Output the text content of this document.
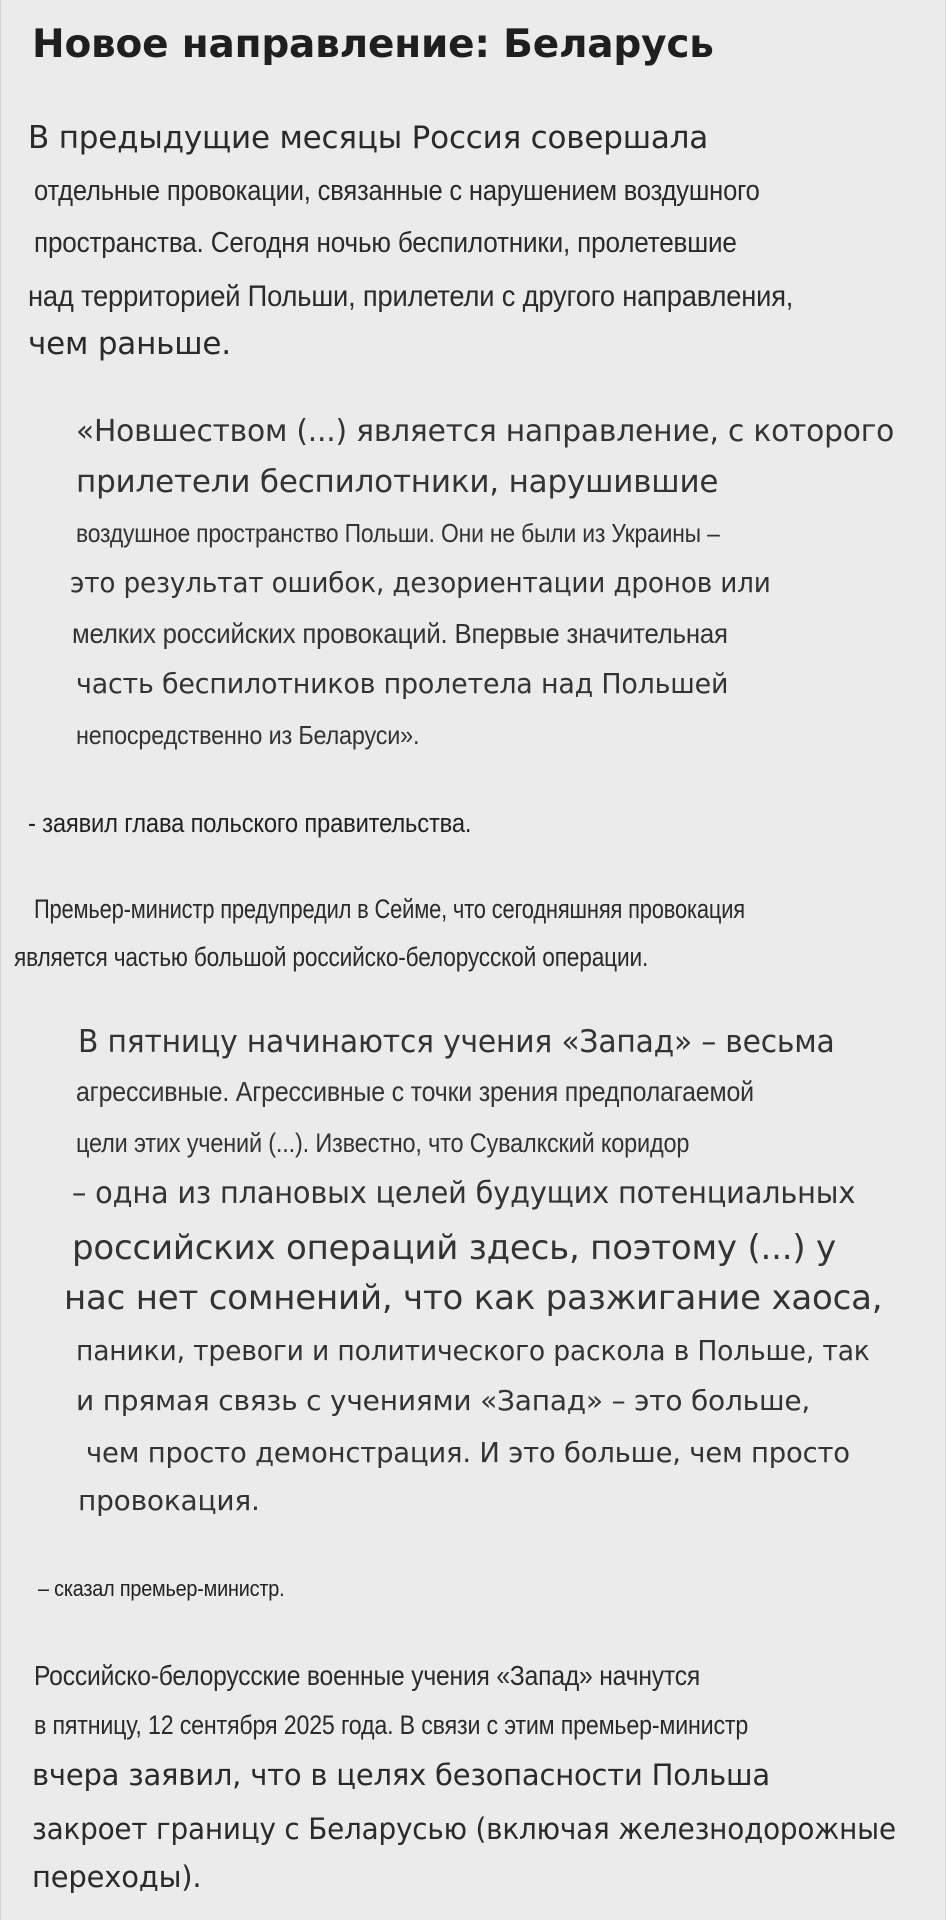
Новое направление: Беларусь
В предыдущие месяцы Россия совершала
отдельные провокации, связанные с нарушением воздушного
пространства. Сегодня ночью беспилотники, пролетевшие
над территорией Польши, прилетели с другого направления,
чем раньше.
«Новшеством (...) является направление, с которого
прилетели беспилотники, нарушившие
воздушное пространство Польши. Они не были из Украины –
это результат ошибок, дезориентации дронов или
мелких российских провокаций. Впервые значительная
часть беспилотников пролетела над Польшей
непосредственно из Беларуси».
- заявил глава польского правительства.
Премьер-министр предупредил в Сейме, что сегодняшняя провокация
является частью большой российско-белорусской операции.
В пятницу начинаются учения «Запад» – весьма
агрессивные. Агрессивные с точки зрения предполагаемой
цели этих учений (...). Известно, что Сувалкский коридор
– одна из плановых целей будущих потенциальных
российских операций здесь, поэтому (...) у
нас нет сомнений, что как разжигание хаоса,
паники, тревоги и политического раскола в Польше, так
и прямая связь с учениями «Запад» – это больше,
чем просто демонстрация. И это больше, чем просто
провокация.
– сказал премьер-министр.
Российско-белорусские военные учения «Запад» начнутся
в пятницу, 12 сентября 2025 года. В связи с этим премьер-министр
вчера заявил, что в целях безопасности Польша
закроет границу с Беларусью (включая железнодорожные
переходы).
